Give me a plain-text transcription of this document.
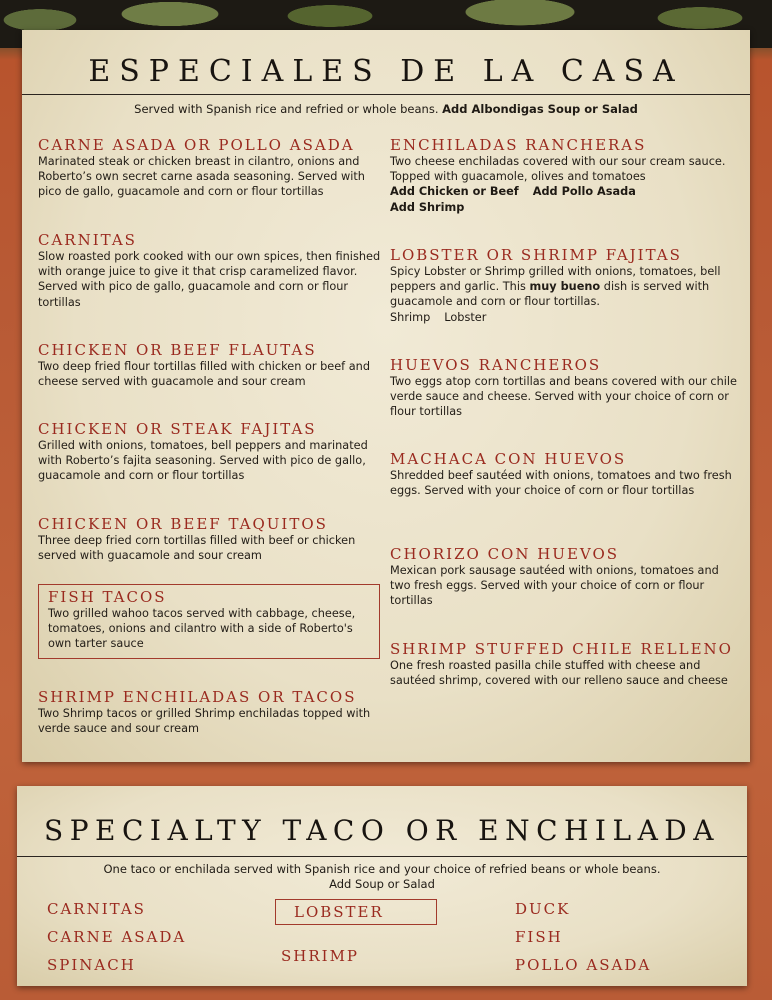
ESPECIALES DE LA CASA
Served with Spanish rice and refried or whole beans. Add Albondigas Soup or Salad
CARNE ASADA OR POLLO ASADA
Marinated steak or chicken breast in cilantro, onions and Roberto’s own secret carne asada seasoning. Served with pico de gallo, guacamole and corn or flour tortillas
CARNITAS
Slow roasted pork cooked with our own spices, then finished with orange juice to give it that crisp caramelized flavor. Served with pico de gallo, guacamole and corn or flour tortillas
CHICKEN OR BEEF FLAUTAS
Two deep fried flour tortillas filled with chicken or beef and cheese served with guacamole and sour cream
CHICKEN OR STEAK FAJITAS
Grilled with onions, tomatoes, bell peppers and marinated with Roberto’s fajita seasoning. Served with pico de gallo, guacamole and corn or flour tortillas
CHICKEN OR BEEF TAQUITOS
Three deep fried corn tortillas filled with beef or chicken served with guacamole and sour cream
FISH TACOS
Two grilled wahoo tacos served with cabbage, cheese, tomatoes, onions and cilantro with a side of Roberto's own tarter sauce
SHRIMP ENCHILADAS OR TACOS
Two Shrimp tacos or grilled Shrimp enchiladas topped with verde sauce and sour cream
ENCHILADAS RANCHERAS
Two cheese enchiladas covered with our sour cream sauce. Topped with guacamole, olives and tomatoes
Add Chicken or Beef Add Pollo Asada
Add Shrimp
LOBSTER OR SHRIMP FAJITAS
Spicy Lobster or Shrimp grilled with onions, tomatoes, bell peppers and garlic. This muy bueno dish is served with guacamole and corn or flour tortillas.
Shrimp Lobster
HUEVOS RANCHEROS
Two eggs atop corn tortillas and beans covered with our chile verde sauce and cheese. Served with your choice of corn or flour tortillas
MACHACA CON HUEVOS
Shredded beef sautéed with onions, tomatoes and two fresh eggs. Served with your choice of corn or flour tortillas
CHORIZO CON HUEVOS
Mexican pork sausage sautéed with onions, tomatoes and two fresh eggs. Served with your choice of corn or flour tortillas
SHRIMP STUFFED CHILE RELLENO
One fresh roasted pasilla chile stuffed with cheese and sautéed shrimp, covered with our relleno sauce and cheese
SPECIALTY TACO OR ENCHILADA
One taco or enchilada served with Spanish rice and your choice of refried beans or whole beans.
Add Soup or Salad
CARNITAS
CARNE ASADA
SPINACH
LOBSTER
SHRIMP
DUCK
FISH
POLLO ASADA
